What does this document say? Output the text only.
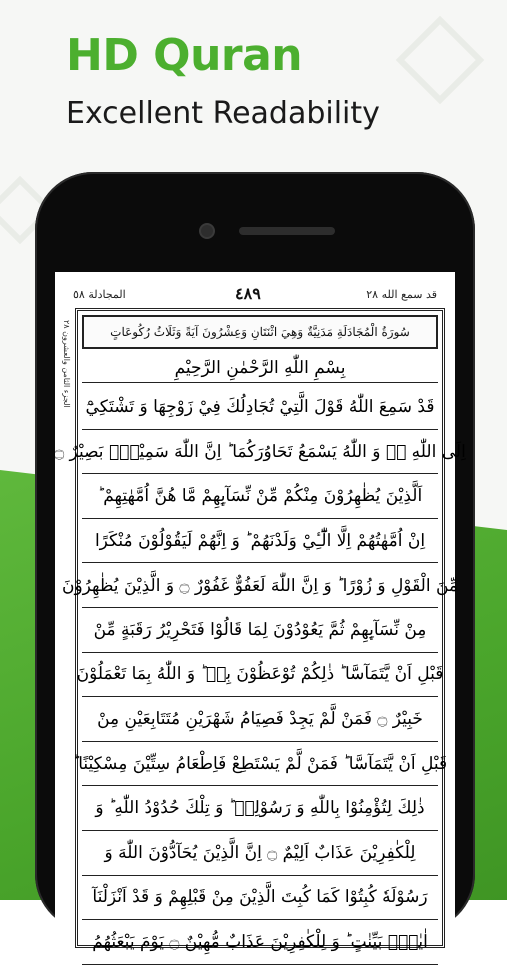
HD Quran
Excellent Readability
المجادلة ٥٨	٤٨٩	قد سمع الله ٢٨
الجزء الثامن والعشرون ٢٨	سُورَةُ الْمُجَادَلَةِ مَدَنِيَّةٌ وَهِيَ اثْنَتَانِ وَعِشْرُونَ آيَةً وَثَلَاثُ رُكُوعَاتٍ
بِسْمِ اللّٰهِ الرَّحْمٰنِ الرَّحِيْمِ
قَدْ سَمِعَ اللّٰهُ قَوْلَ الَّتِيْ تُجَادِلُكَ فِيْ زَوْجِهَا وَ تَشْتَكِيْٓ
اِلَى اللّٰهِ ۖۗ وَ اللّٰهُ يَسْمَعُ تَحَاوُرَكُمَا ؕ اِنَّ اللّٰهَ سَمِيْعٌۢ بَصِيْرٌ ۝
اَلَّذِيْنَ يُظٰهِرُوْنَ مِنْكُمْ مِّنْ نِّسَآىِٕهِمْ مَّا هُنَّ اُمَّهٰتِهِمْ ؕ
اِنْ اُمَّهٰتُهُمْ اِلَّا الّٰٓـِٔيْ وَلَدْنَهُمْ ؕ وَ اِنَّهُمْ لَيَقُوْلُوْنَ مُنْكَرًا
مِّنَ الْقَوْلِ وَ زُوْرًا ؕ وَ اِنَّ اللّٰهَ لَعَفُوٌّ غَفُوْرٌ ۝ وَ الَّذِيْنَ يُظٰهِرُوْنَ
مِنْ نِّسَآىِٕهِمْ ثُمَّ يَعُوْدُوْنَ لِمَا قَالُوْا فَتَحْرِيْرُ رَقَبَةٍ مِّنْ
قَبْلِ اَنْ يَّتَمَآسَّا ؕ ذٰلِكُمْ تُوْعَظُوْنَ بِهٖ ؕ وَ اللّٰهُ بِمَا تَعْمَلُوْنَ
خَبِيْرٌ ۝ فَمَنْ لَّمْ يَجِدْ فَصِيَامُ شَهْرَيْنِ مُتَتَابِعَيْنِ مِنْ
قَبْلِ اَنْ يَّتَمَآسَّا ؕ فَمَنْ لَّمْ يَسْتَطِعْ فَاِطْعَامُ سِتِّيْنَ مِسْكِيْنًا ؕ
ذٰلِكَ لِتُؤْمِنُوْا بِاللّٰهِ وَ رَسُوْلِهٖ ؕ وَ تِلْكَ حُدُوْدُ اللّٰهِ ؕ وَ
لِلْكٰفِرِيْنَ عَذَابٌ اَلِيْمٌ ۝ اِنَّ الَّذِيْنَ يُحَآدُّوْنَ اللّٰهَ وَ
رَسُوْلَهٗ كُبِتُوْا كَمَا كُبِتَ الَّذِيْنَ مِنْ قَبْلِهِمْ وَ قَدْ اَنْزَلْنَآ
اٰيٰتٍۭ بَيِّنٰتٍ ؕ وَ لِلْكٰفِرِيْنَ عَذَابٌ مُّهِيْنٌ ۝ يَوْمَ يَبْعَثُهُمُ
